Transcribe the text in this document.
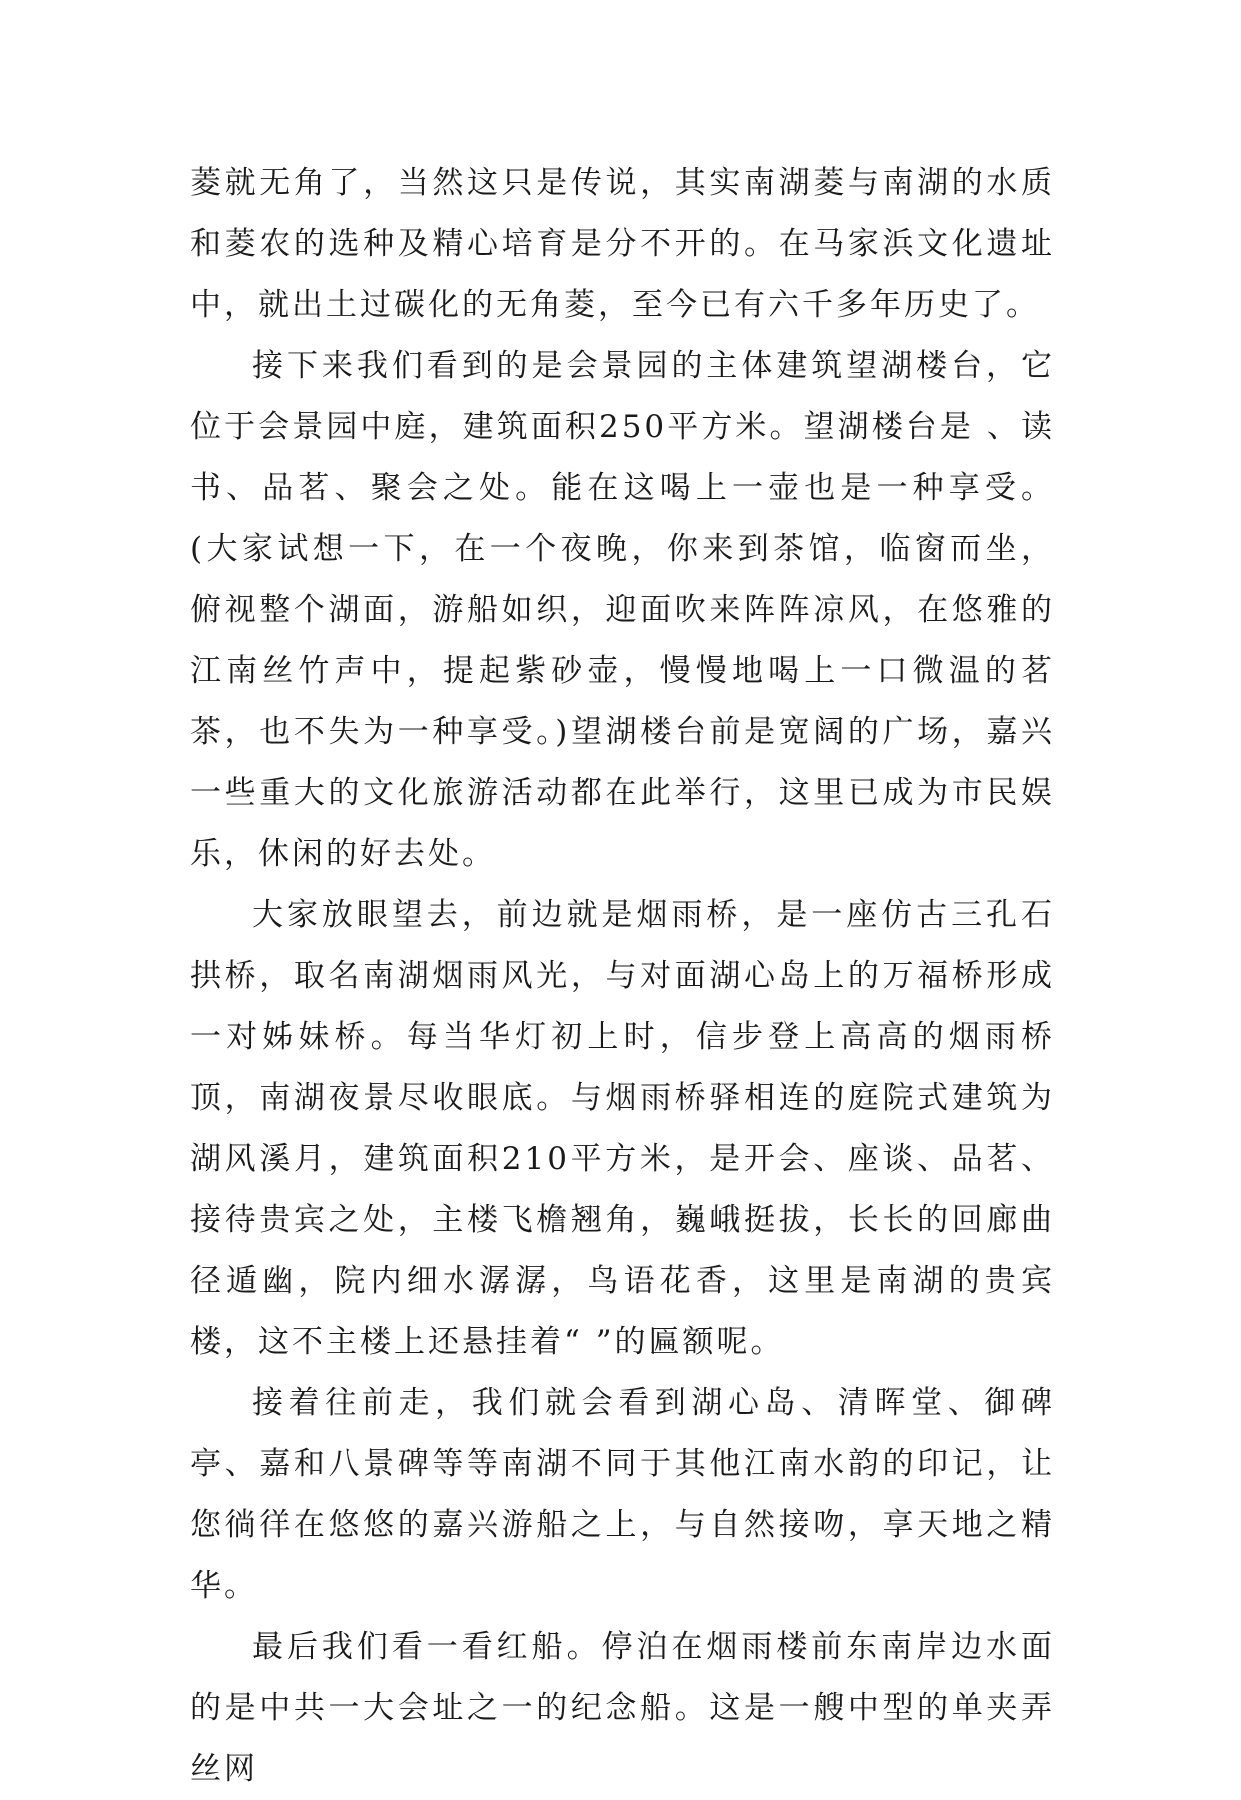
菱就无角了，当然这只是传说，其实南湖菱与南湖的水质和菱农的选种及精心培育是分不开的。在马家浜文化遗址中，就出土过碳化的无角菱，至今已有六千多年历史了。

接下来我们看到的是会景园的主体建筑望湖楼台，它位于会景园中庭，建筑面积250平方米。望湖楼台是 、读书、品茗、聚会之处。能在这喝上一壶也是一种享受。(大家试想一下，在一个夜晚，你来到茶馆，临窗而坐，俯视整个湖面，游船如织，迎面吹来阵阵凉风，在悠雅的江南丝竹声中，提起紫砂壶，慢慢地喝上一口微温的茗茶，也不失为一种享受。)望湖楼台前是宽阔的广场，嘉兴一些重大的文化旅游活动都在此举行，这里已成为市民娱乐，休闲的好去处。

大家放眼望去，前边就是烟雨桥，是一座仿古三孔石拱桥，取名南湖烟雨风光，与对面湖心岛上的万福桥形成一对姊妹桥。每当华灯初上时，信步登上高高的烟雨桥顶，南湖夜景尽收眼底。与烟雨桥驿相连的庭院式建筑为湖风溪月，建筑面积210平方米，是开会、座谈、品茗、接待贵宾之处，主楼飞檐翘角，巍峨挺拔，长长的回廊曲径遁幽，院内细水潺潺，鸟语花香，这里是南湖的贵宾楼，这不主楼上还悬挂着“ ”的匾额呢。

接着往前走，我们就会看到湖心岛、清晖堂、御碑亭、嘉和八景碑等等南湖不同于其他江南水韵的印记，让您徜徉在悠悠的嘉兴游船之上，与自然接吻，享天地之精华。

最后我们看一看红船。停泊在烟雨楼前东南岸边水面的是中共一大会址之一的纪念船。这是一艘中型的单夹弄丝网
